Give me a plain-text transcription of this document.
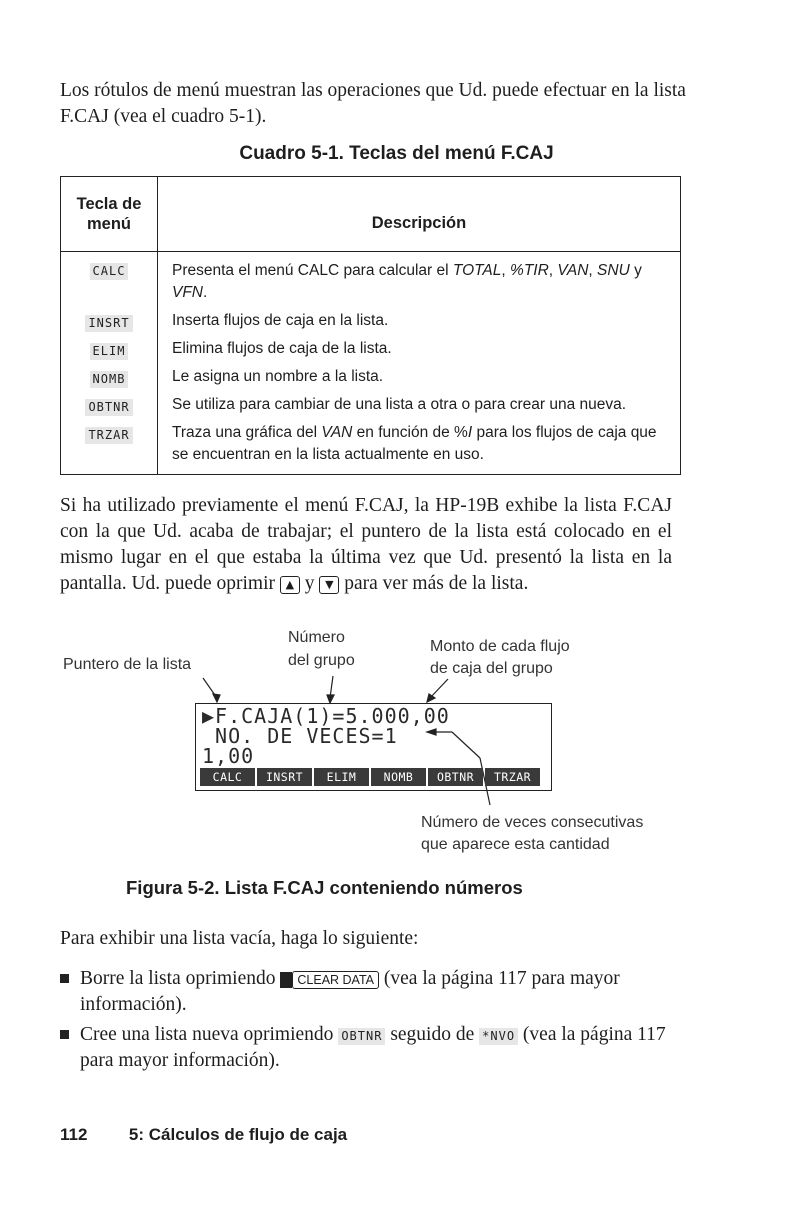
Los rótulos de menú muestran las operaciones que Ud. puede efectuar en la lista F.CAJ (vea el cuadro 5-1).
Cuadro 5-1. Teclas del menú F.CAJ
Tecla de menú	Descripción
CALC	Presenta el menú CALC para calcular el TOTAL, %TIR, VAN, SNU y VFN.
INSRT	Inserta flujos de caja en la lista.
ELIM	Elimina flujos de caja de la lista.
NOMB	Le asigna un nombre a la lista.
OBTNR	Se utiliza para cambiar de una lista a otra o para crear una nueva.
TRZAR	Traza una gráfica del VAN en función de %I para los flujos de caja que se encuentran en la lista actualmente en uso.
Si ha utilizado previamente el menú F.CAJ, la HP-19B exhibe la lista F.CAJ con la que Ud. acaba de trabajar; el puntero de la lista está colocado en el mismo lugar en el que estaba la última vez que Ud. presentó la lista en la pantalla. Ud. puede oprimir ▲ y ▼ para ver más de la lista.
Puntero de la lista
Número
del grupo
Monto de cada flujo
de caja del grupo
▶F.CAJA(1)=5.000,00
NO. DE VECES=1
1,00
CALC	INSRT	ELIM	NOMB	OBTNR	TRZAR
Número de veces consecutivas
que aparece esta cantidad
Figura 5-2. Lista F.CAJ conteniendo números
Para exhibir una lista vacía, haga lo siguiente:
Borre la lista oprimiendo CLEAR DATA (vea la página 117 para mayor información).
Cree una lista nueva oprimiendo OBTNR seguido de *NVO (vea la página 117 para mayor información).
112 5: Cálculos de flujo de caja
